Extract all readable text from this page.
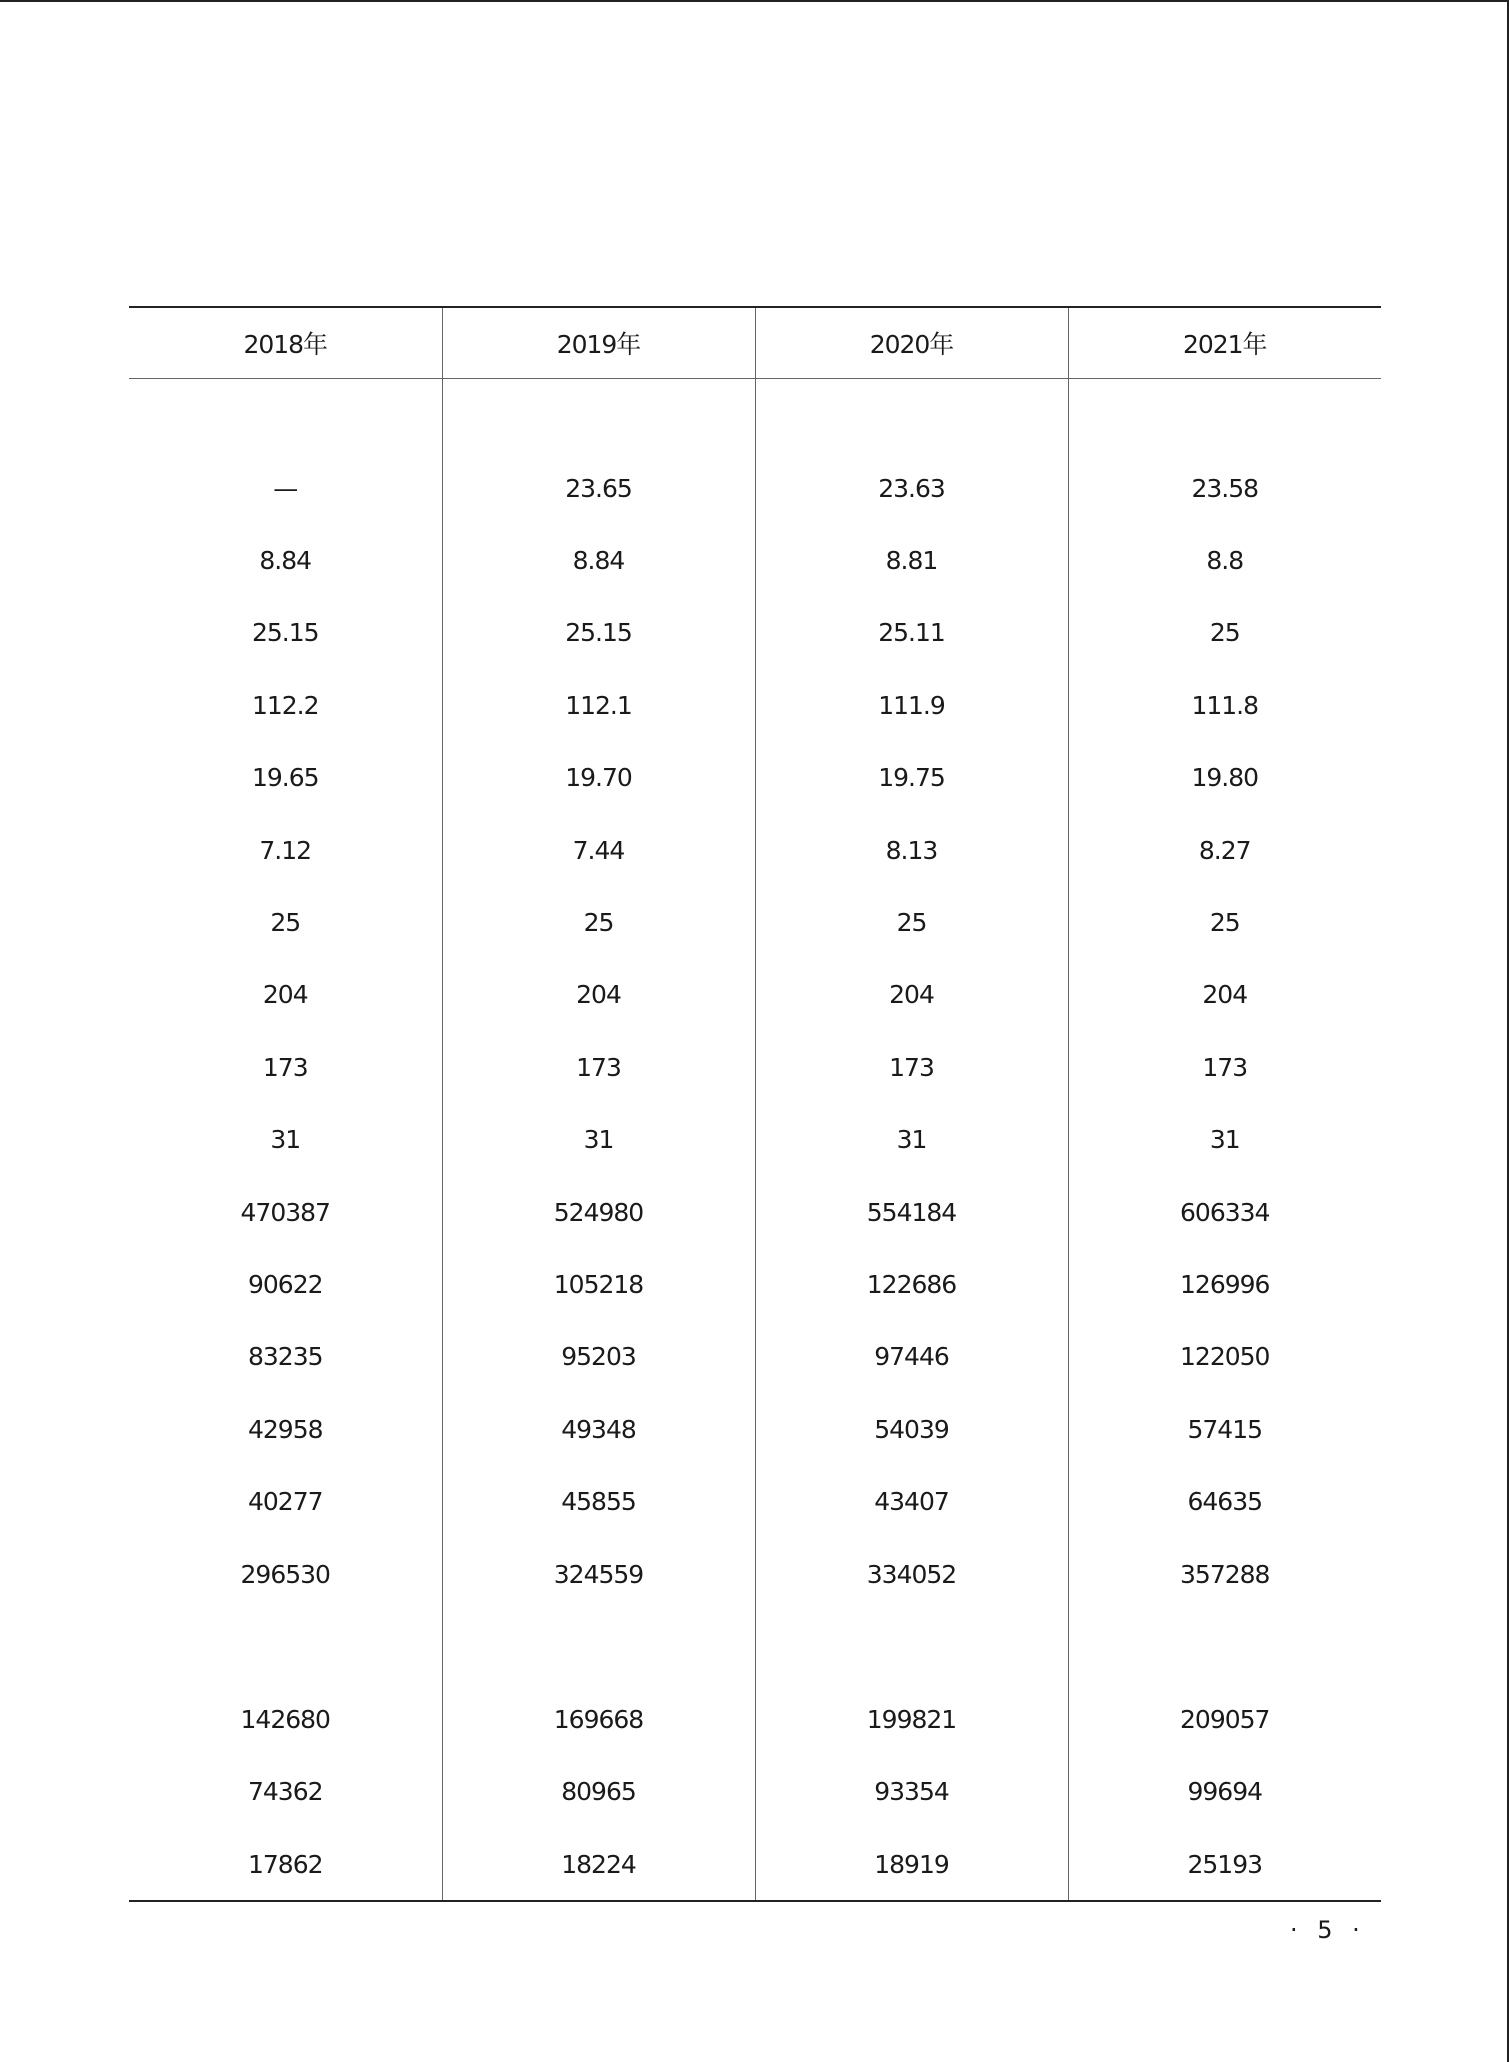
2018年	2019年	2020年	2021年

—	23.65	23.63	23.58
8.84	8.84	8.81	8.8
25.15	25.15	25.11	25
112.2	112.1	111.9	111.8
19.65	19.70	19.75	19.80
7.12	7.44	8.13	8.27
25	25	25	25
204	204	204	204
173	173	173	173
31	31	31	31
470387	524980	554184	606334
90622	105218	122686	126996
83235	95203	97446	122050
42958	49348	54039	57415
40277	45855	43407	64635
296530	324559	334052	357288

142680	169668	199821	209057
74362	80965	93354	99694
17862	18224	18919	25193
· 5 ·
